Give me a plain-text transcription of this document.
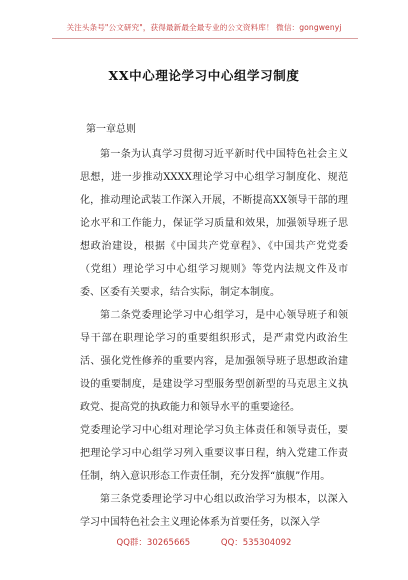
关注头条号"公文研究"，获得最新最全最专业的公文资料库！ 微信：gongwenyj
XX中心理论学习中心组学习制度

第一章总则

第一条为认真学习贯彻习近平新时代中国特色社会主义思想，进一步推动XXXX理论学习中心组学习制度化、规范化，推动理论武装工作深入开展，不断提高XX领导干部的理论水平和工作能力，保证学习质量和效果，加强领导班子思想政治建设，根据《中国共产党章程》、《中国共产党党委（党组）理论学习中心组学习规则》等党内法规文件及市委、区委有关要求，结合实际，制定本制度。

第二条党委理论学习中心组学习，是中心领导班子和领导干部在职理论学习的重要组织形式，是严肃党内政治生活、强化党性修养的重要内容，是加强领导班子思想政治建设的重要制度，是建设学习型服务型创新型的马克思主义执政党、提高党的执政能力和领导水平的重要途径。

党委理论学习中心组对理论学习负主体责任和领导责任，要把理论学习中心组学习列入重要议事日程，纳入党建工作责任制，纳入意识形态工作责任制，充分发挥“旗舰”作用。

第三条党委理论学习中心组以政治学习为根本，以深入学习中国特色社会主义理论体系为首要任务，以深入学

QQ群：30265665	QQ：535304092
